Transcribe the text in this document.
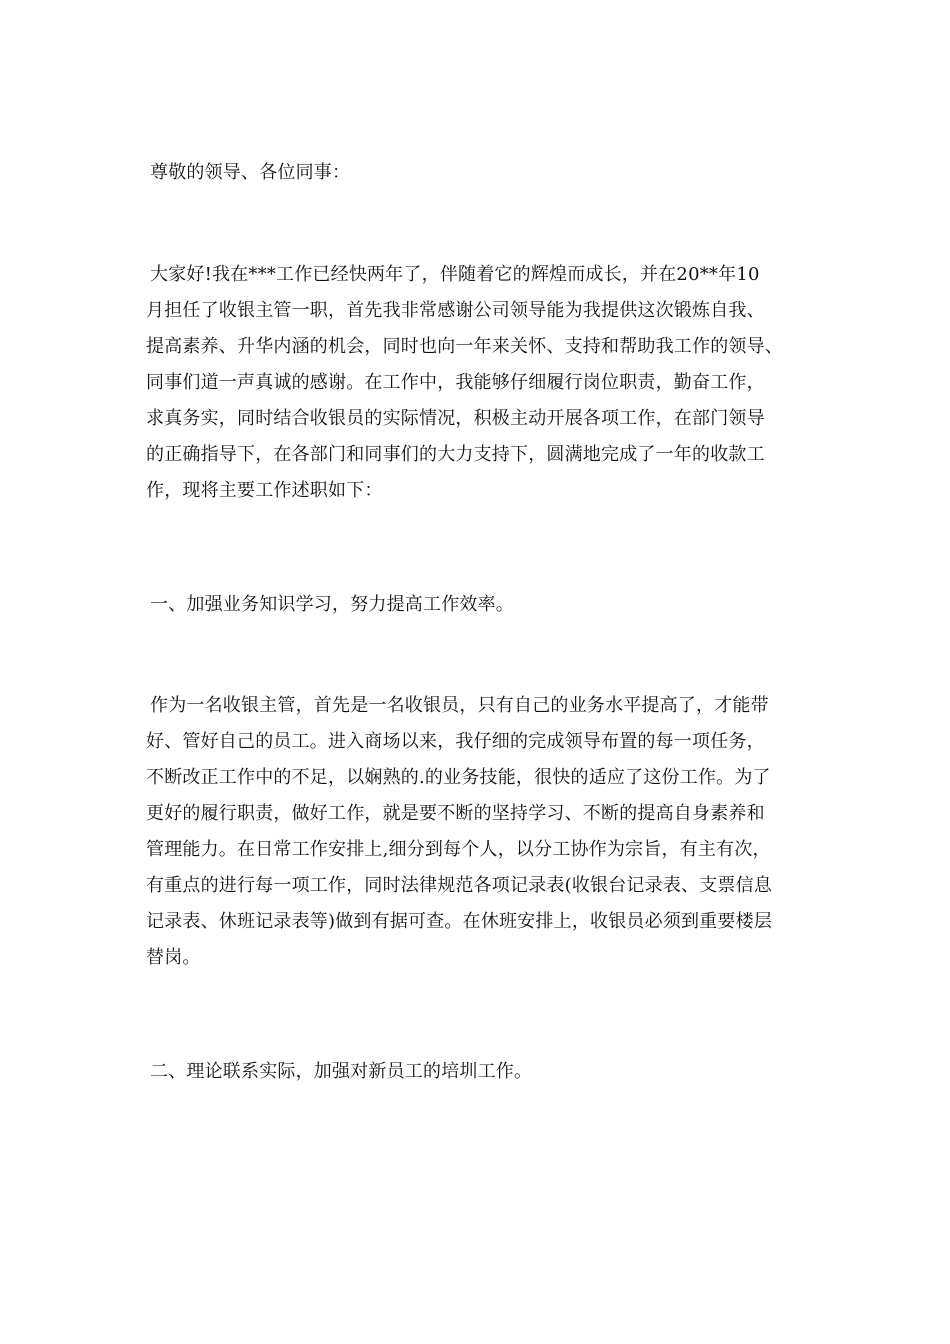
尊敬的领导、各位同事：
大家好!我在***工作已经快两年了，伴随着它的辉煌而成长，并在20**年10
月担任了收银主管一职，首先我非常感谢公司领导能为我提供这次锻炼自我、
提高素养、升华内涵的机会，同时也向一年来关怀、支持和帮助我工作的领导、
同事们道一声真诚的感谢。在工作中，我能够仔细履行岗位职责，勤奋工作，
求真务实，同时结合收银员的实际情况，积极主动开展各项工作，在部门领导
的正确指导下，在各部门和同事们的大力支持下，圆满地完成了一年的收款工
作，现将主要工作述职如下：
一、加强业务知识学习，努力提高工作效率。
作为一名收银主管，首先是一名收银员，只有自己的业务水平提高了，才能带
好、管好自己的员工。进入商场以来，我仔细的完成领导布置的每一项任务，
不断改正工作中的不足，以娴熟的.的业务技能，很快的适应了这份工作。为了
更好的履行职责，做好工作，就是要不断的坚持学习、不断的提高自身素养和
管理能力。在日常工作安排上,细分到每个人，以分工协作为宗旨，有主有次，
有重点的进行每一项工作，同时法律规范各项记录表(收银台记录表、支票信息
记录表、休班记录表等)做到有据可查。在休班安排上，收银员必须到重要楼层
替岗。
二、理论联系实际，加强对新员工的培圳工作。
